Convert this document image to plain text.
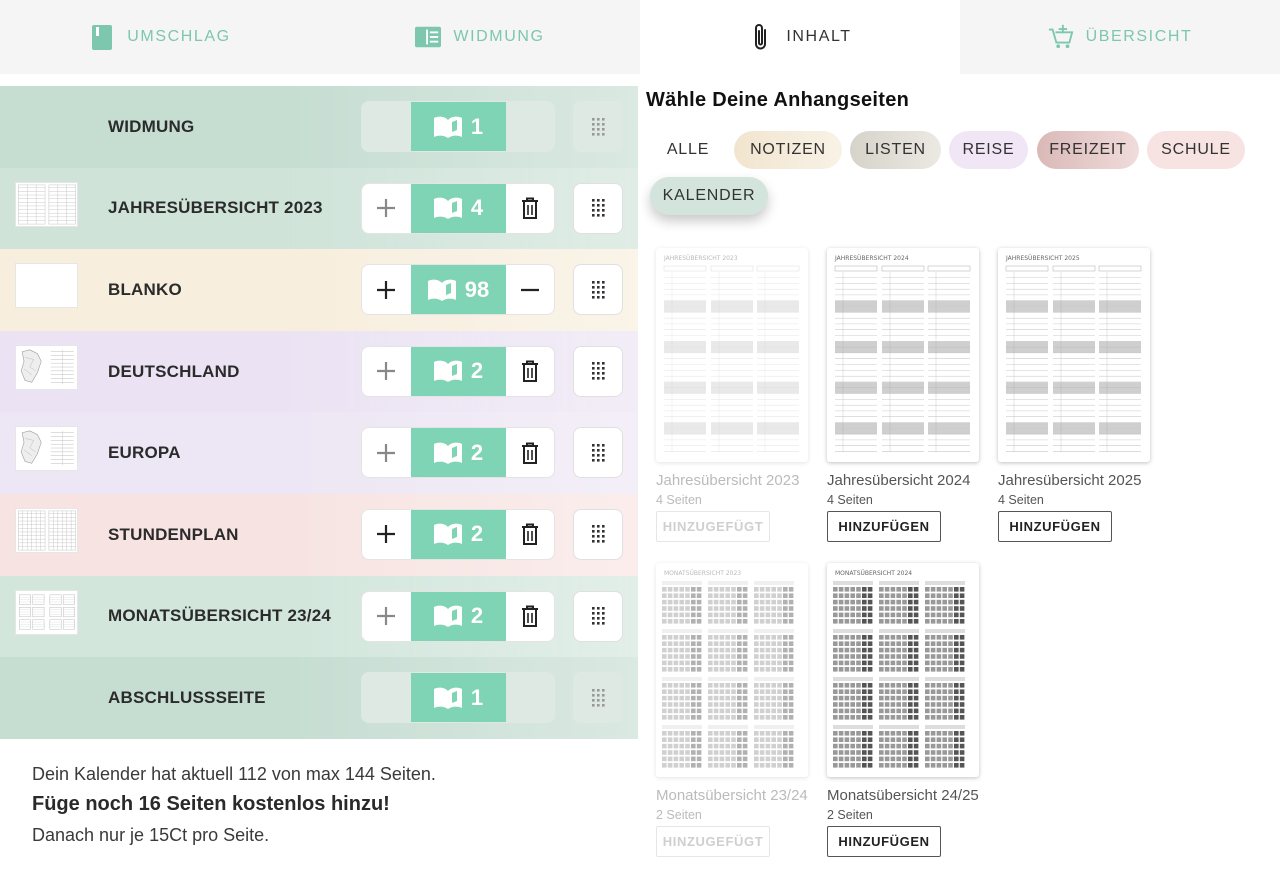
UMSCHLAG	WIDMUNG	INHALT	ÜBERSICHT
WIDMUNG	1
JAHRESÜBERSICHT 2023	4
BLANKO	98
DEUTSCHLAND	2
EUROPA	2
STUNDENPLAN	2
MONATSÜBERSICHT 23/24	2
ABSCHLUSSSEITE	1
Dein Kalender hat aktuell 112 von max 144 Seiten.
Füge noch 16 Seiten kostenlos hinzu!
Danach nur je 15Ct pro Seite.
Wähle Deine Anhangseiten
ALLE	NOTIZEN	LISTEN	REISE	FREIZEIT	SCHULE
KALENDER
JAHRESÜBERSICHT 2023
Jahresübersicht 2023
4 Seiten
HINZUGEFÜGT
JAHRESÜBERSICHT 2024
Jahresübersicht 2024
4 Seiten
HINZUFÜGEN
JAHRESÜBERSICHT 2025
Jahresübersicht 2025
4 Seiten
HINZUFÜGEN
MONATSÜBERSICHT 2023
Monatsübersicht 23/24
2 Seiten
HINZUGEFÜGT
MONATSÜBERSICHT 2024
Monatsübersicht 24/25
2 Seiten
HINZUFÜGEN
